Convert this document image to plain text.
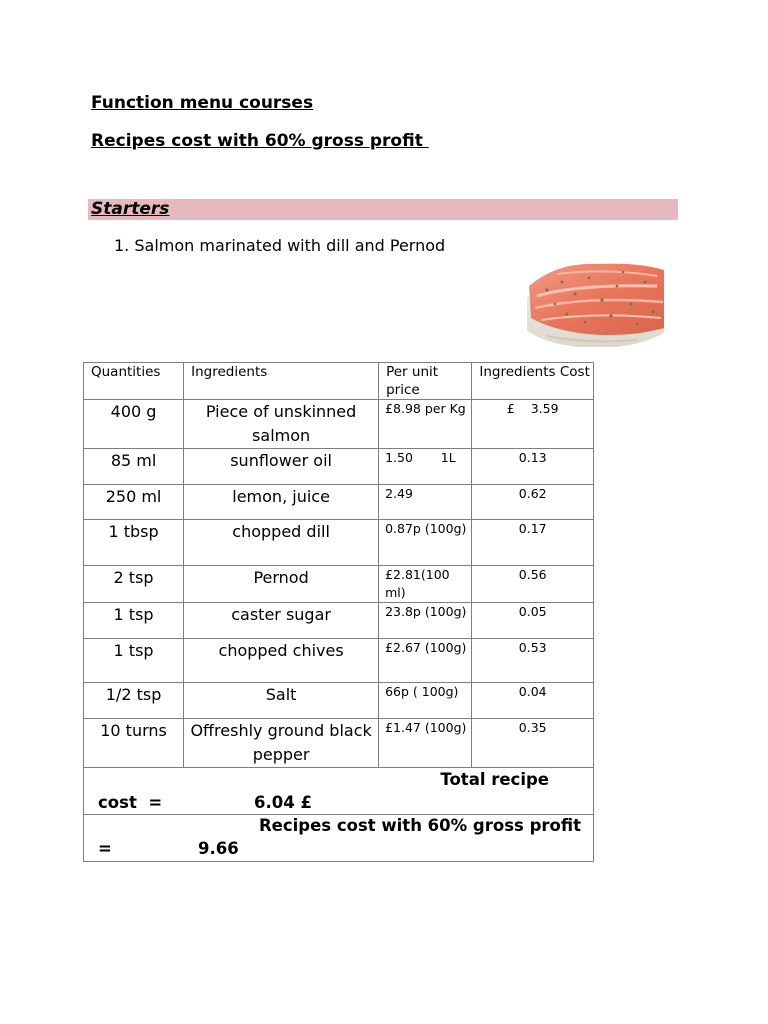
Function menu courses
Recipes cost with 60% gross profit
Starters
1. Salmon marinated with dill and Pernod
Quantities	Ingredients	Per unit price	Ingredients Cost
400 g	Piece of unskinned salmon	£8.98 per Kg	£    3.59
85 ml	sunflower oil	1.50       1L	0.13
250 ml	lemon, juice	2.49	0.62
1 tbsp	chopped dill	0.87p (100g)	0.17
2 tsp	Pernod	£2.81(100 ml)	0.56
1 tsp	caster sugar	23.8p (100g)	0.05
1 tsp	chopped chives	£2.67 (100g)	0.53
1/2 tsp	Salt	66p ( 100g)	0.04
10 turns	Offreshly ground black pepper	£1.47 (100g)	0.35

Total recipe
cost  =                6.04 £			

Recipes cost with 60% gross profit
=               9.66			
